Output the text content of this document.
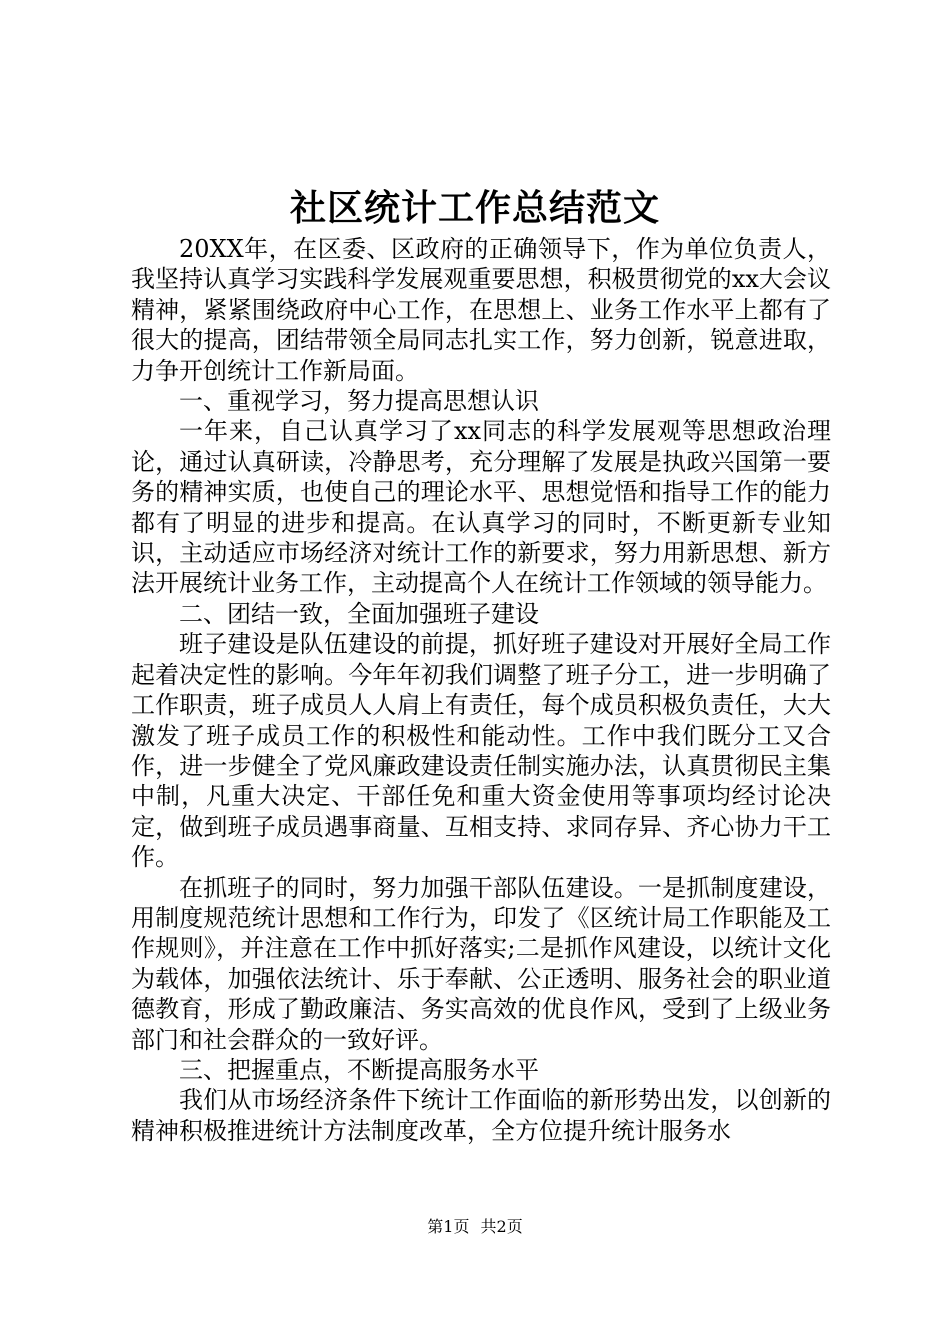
社区统计工作总结范文

20XX年，在区委、区政府的正确领导下，作为单位负责人，我坚持认真学习实践科学发展观重要思想，积极贯彻党的xx大会议精神，紧紧围绕政府中心工作，在思想上、业务工作水平上都有了很大的提高，团结带领全局同志扎实工作，努力创新，锐意进取，力争开创统计工作新局面。

一、重视学习，努力提高思想认识

一年来，自己认真学习了xx同志的科学发展观等思想政治理论，通过认真研读，冷静思考，充分理解了发展是执政兴国第一要务的精神实质，也使自己的理论水平、思想觉悟和指导工作的能力都有了明显的进步和提高。在认真学习的同时，不断更新专业知识，主动适应市场经济对统计工作的新要求，努力用新思想、新方法开展统计业务工作，主动提高个人在统计工作领域的领导能力。

二、团结一致，全面加强班子建设

班子建设是队伍建设的前提，抓好班子建设对开展好全局工作起着决定性的影响。今年年初我们调整了班子分工，进一步明确了工作职责，班子成员人人肩上有责任，每个成员积极负责任，大大激发了班子成员工作的积极性和能动性。工作中我们既分工又合作，进一步健全了党风廉政建设责任制实施办法，认真贯彻民主集中制，凡重大决定、干部任免和重大资金使用等事项均经讨论决定，做到班子成员遇事商量、互相支持、求同存异、齐心协力干工作。

在抓班子的同时，努力加强干部队伍建设。一是抓制度建设，用制度规范统计思想和工作行为，印发了《区统计局工作职能及工作规则》，并注意在工作中抓好落实;二是抓作风建设，以统计文化为载体，加强依法统计、乐于奉献、公正透明、服务社会的职业道德教育，形成了勤政廉洁、务实高效的优良作风，受到了上级业务部门和社会群众的一致好评。

三、把握重点，不断提高服务水平

我们从市场经济条件下统计工作面临的新形势出发，以创新的精神积极推进统计方法制度改革，全方位提升统计服务水

第1页 共2页
